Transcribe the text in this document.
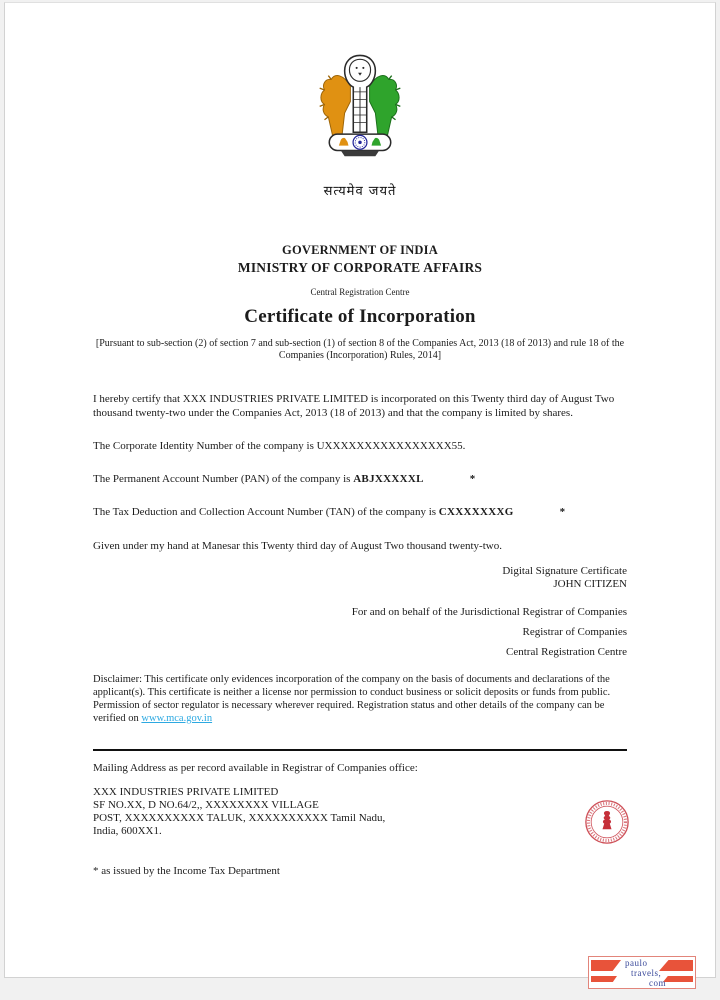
सत्यमेव जयते
GOVERNMENT OF INDIA
MINISTRY OF CORPORATE AFFAIRS
Central Registration Centre
Certificate of Incorporation
[Pursuant to sub-section (2) of section 7 and sub-section (1) of section 8 of the Companies Act, 2013 (18 of 2013) and rule 18 of the Companies (Incorporation) Rules, 2014]

I hereby certify that XXX INDUSTRIES PRIVATE LIMITED is incorporated on this Twenty third day of August Two thousand twenty-two under the Companies Act, 2013 (18 of 2013) and that the company is limited by shares.

The Corporate Identity Number of the company is UXXXXXXXXXXXXXXXX55.

The Permanent Account Number (PAN) of the company is ABJXXXXXL	*

The Tax Deduction and Collection Account Number (TAN) of the company is CXXXXXXXG	*

Given under my hand at Manesar this Twenty third day of August Two thousand twenty-two.

Digital Signature Certificate
JOHN CITIZEN
For and on behalf of the Jurisdictional Registrar of Companies
Registrar of Companies
Central Registration Centre

Disclaimer: This certificate only evidences incorporation of the company on the basis of documents and declarations of the applicant(s). This certificate is neither a license nor permission to conduct business or solicit deposits or funds from public. Permission of sector regulator is necessary wherever required. Registration status and other details of the company can be verified on www.mca.gov.in

Mailing Address as per record available in Registrar of Companies office:

XXX INDUSTRIES PRIVATE LIMITED
SF NO.XX, D NO.64/2,, XXXXXXXX VILLAGE
POST, XXXXXXXXXX TALUK, XXXXXXXXXX Tamil Nadu,
India, 600XX1.

* as issued by the Income Tax Department

paulo
travels,
com
